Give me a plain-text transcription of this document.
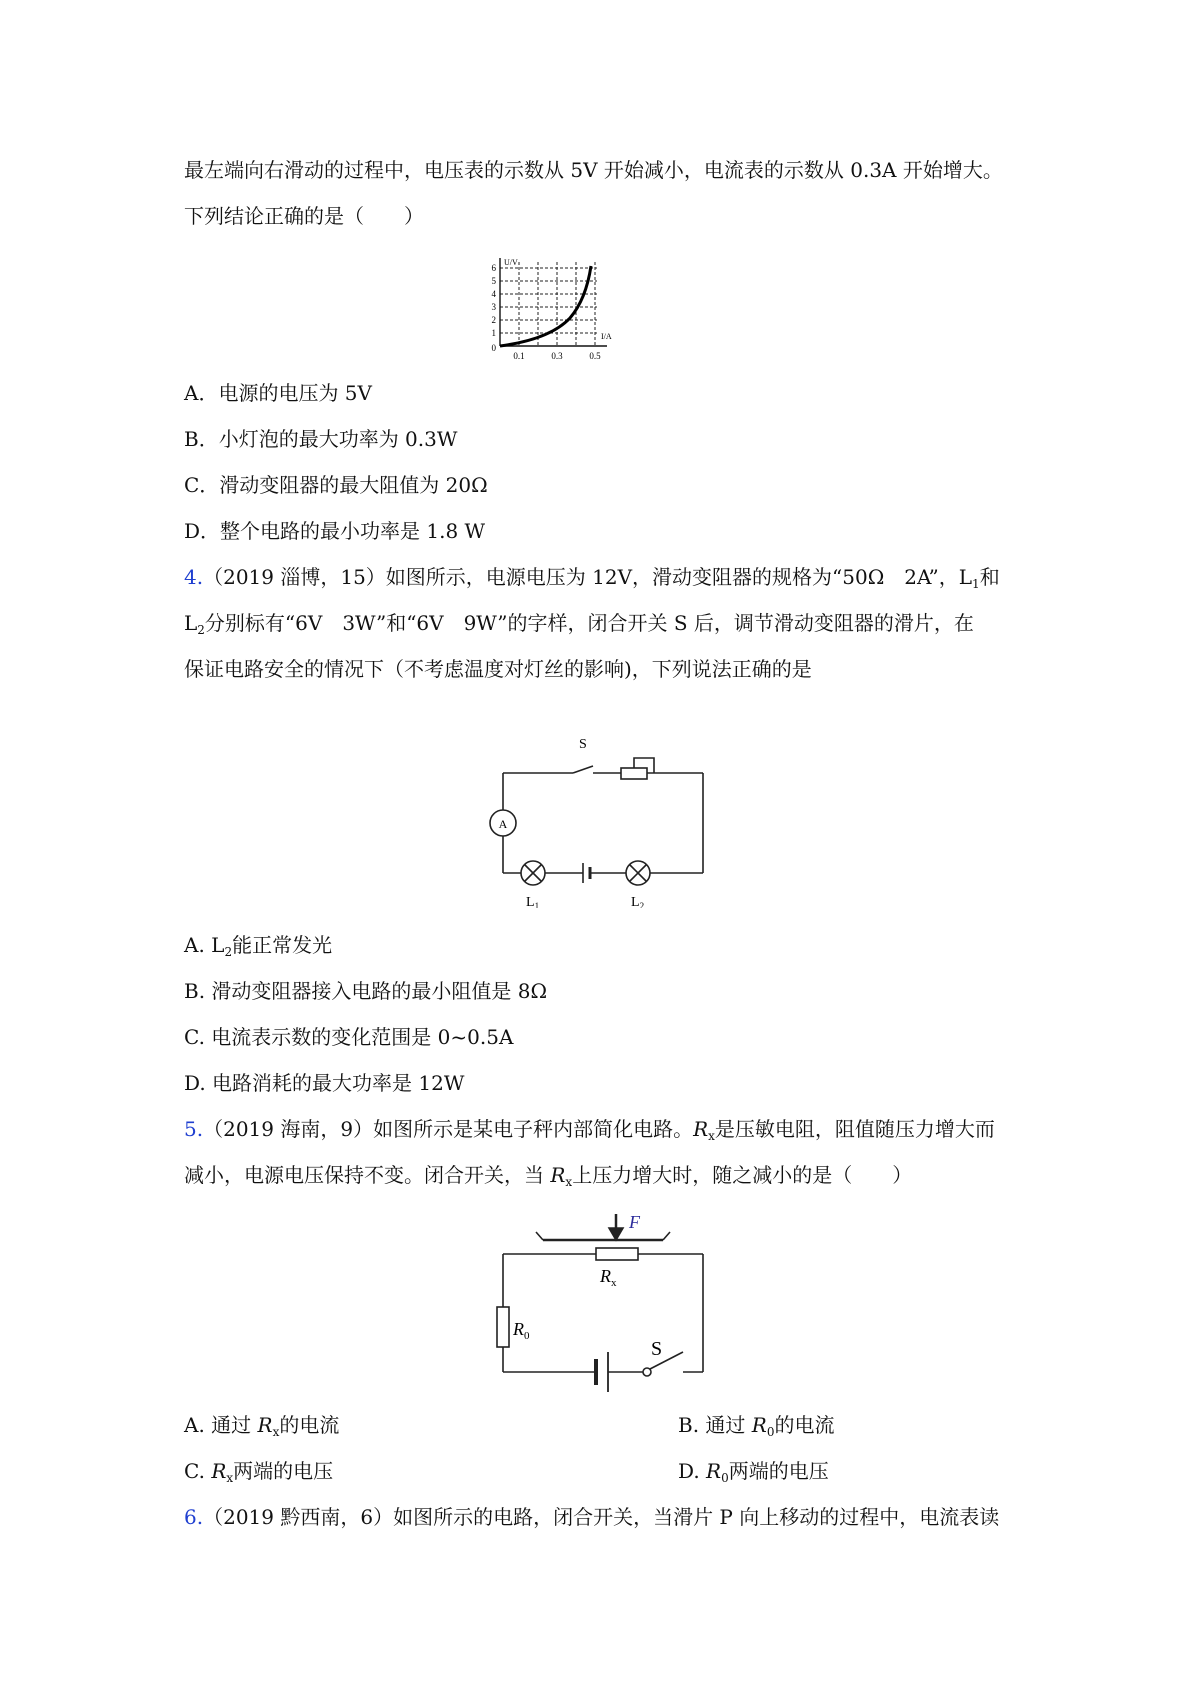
最左端向右滑动的过程中，电压表的示数从 5V 开始减小，电流表的示数从 0.3A 开始增大。
下列结论正确的是（　　）
U/V
I/A
0
1
2
3
4
5
6
0.1	0.3	0.5
A．电源的电压为 5V
B．小灯泡的最大功率为 0.3W
C．滑动变阻器的最大阻值为 20Ω
D．整个电路的最小功率是 1.8 W
4.（2019 淄博，15）如图所示，电源电压为 12V，滑动变阻器的规格为“50Ω　2A”，$L_1$和
$L_2$分别标有“6V　3W”和“6V　9W”的字样，闭合开关 S 后，调节滑动变阻器的滑片，在
保证电路安全的情况下（不考虑温度对灯丝的影响)，下列说法正确的是
S
A
$L_1$	$L_2$
A. $L_2$能正常发光
B. 滑动变阻器接入电路的最小阻值是 8Ω
C. 电流表示数的变化范围是 0~0.5A
D. 电路消耗的最大功率是 12W
5.（2019 海南，9）如图所示是某电子秤内部简化电路。$R_x$是压敏电阻，阻值随压力增大而
减小，电源电压保持不变。闭合开关，当 $R_x$上压力增大时，随之减小的是（　　）
F
$R_x$
$R_0$
S
A. 通过 $R_x$的电流	B. 通过 $R_0$的电流
C. $R_x$两端的电压	D. $R_0$两端的电压
6.（2019 黔西南，6）如图所示的电路，闭合开关，当滑片 P 向上移动的过程中，电流表读
